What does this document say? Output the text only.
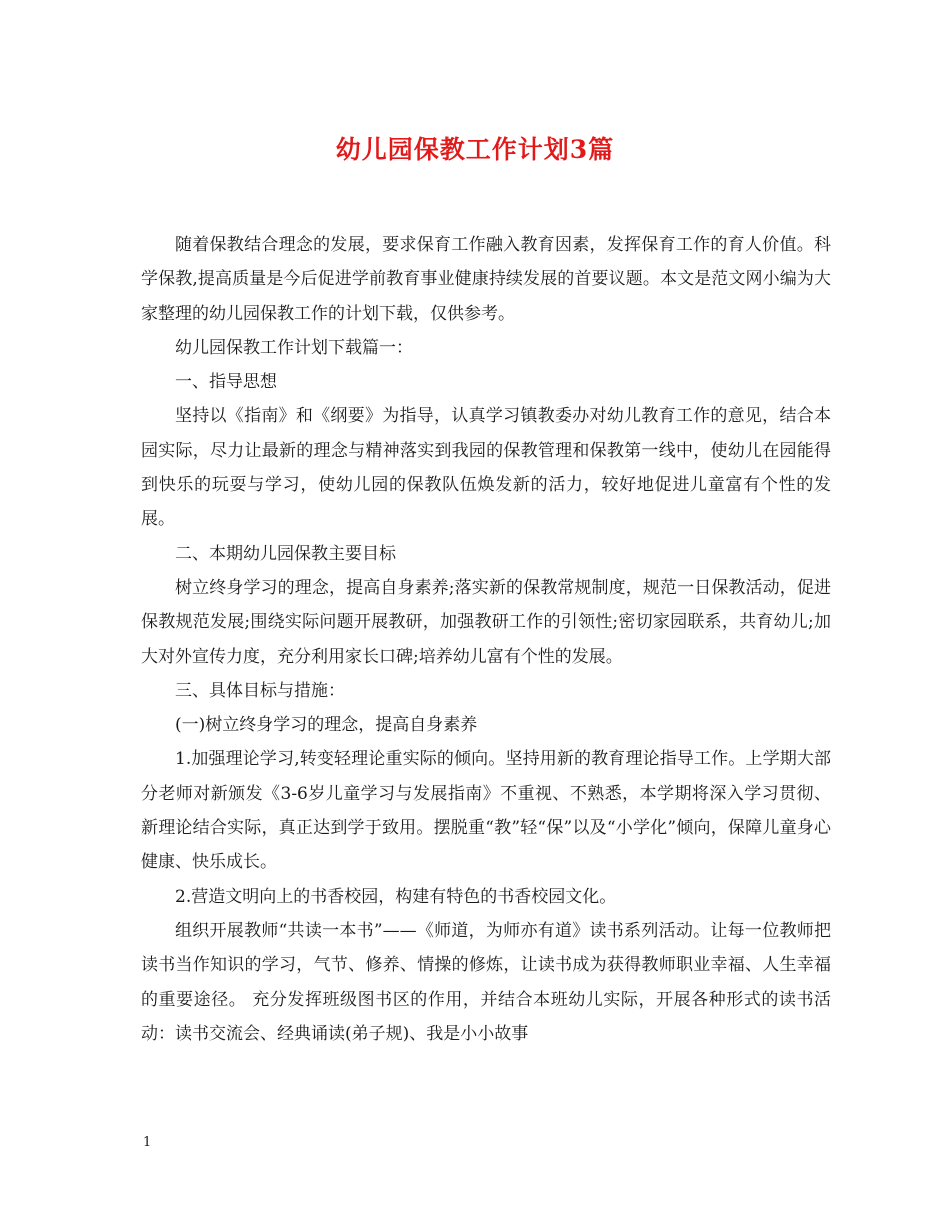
幼儿园保教工作计划3篇

随着保教结合理念的发展，要求保育工作融入教育因素，发挥保育工作的育人价值。科学保教,提高质量是今后促进学前教育事业健康持续发展的首要议题。本文是范文网小编为大家整理的幼儿园保教工作的计划下载，仅供参考。

幼儿园保教工作计划下载篇一：

一、指导思想

坚持以《指南》和《纲要》为指导，认真学习镇教委办对幼儿教育工作的意见，结合本园实际，尽力让最新的理念与精神落实到我园的保教管理和保教第一线中，使幼儿在园能得到快乐的玩耍与学习，使幼儿园的保教队伍焕发新的活力，较好地促进儿童富有个性的发展。

二、本期幼儿园保教主要目标

树立终身学习的理念，提高自身素养;落实新的保教常规制度，规范一日保教活动，促进保教规范发展;围绕实际问题开展教研，加强教研工作的引领性;密切家园联系，共育幼儿;加大对外宣传力度，充分利用家长口碑;培养幼儿富有个性的发展。

三、具体目标与措施：

(一)树立终身学习的理念，提高自身素养

1.加强理论学习,转变轻理论重实际的倾向。坚持用新的教育理论指导工作。上学期大部分老师对新颁发《3-6岁儿童学习与发展指南》不重视、不熟悉，本学期将深入学习贯彻、新理论结合实际，真正达到学于致用。摆脱重“教”轻“保”以及“小学化”倾向，保障儿童身心健康、快乐成长。

2.营造文明向上的书香校园，构建有特色的书香校园文化。

组织开展教师“共读一本书”——《师道，为师亦有道》读书系列活动。让每一位教师把读书当作知识的学习，气节、修养、情操的修炼，让读书成为获得教师职业幸福、人生幸福的重要途径。 充分发挥班级图书区的作用，并结合本班幼儿实际，开展各种形式的读书活动：读书交流会、经典诵读(弟子规)、我是小小故事

1
